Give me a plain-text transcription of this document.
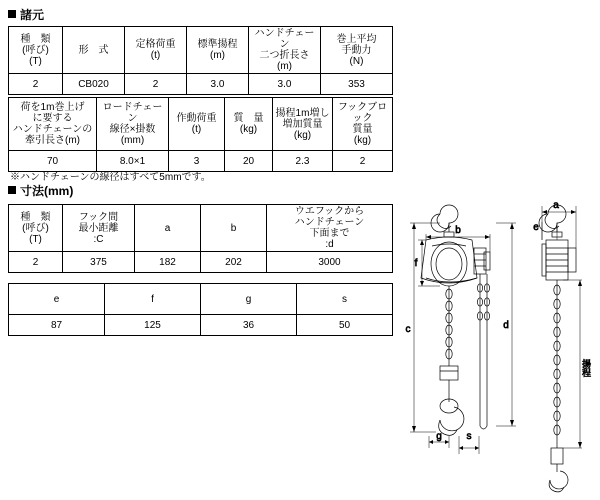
諸元
種　類
(呼び)
(T)	形　式	定格荷重
(t)	標準揚程
(m)	ハンドチェーン
二つ折長さ
(m)	巻上平均
手動力
(N)

2	CB020	2	3.0	3.0	353
荷を1m巻上げ
に要する
ハンドチェーンの
牽引長さ(m)	ロードチェーン
線径×掛数
(mm)	作動荷重
(t)	質　量
(kg)	揚程1m増し
増加質量
(kg)	フックブロック
質量
(kg)

70	8.0×1	3	20	2.3	2
※ハンドチェーンの線径はすべて5mmです。
寸法(mm)
種　類
(呼び)
(T)	フック間
最小距離
:C	a	b	ウエフックから
ハンドチェーン
下面まで
:d

2	375	182	202	3000
e	f	g	s
87	125	36	50
a
b
c	d
e
f
g s
揚程
